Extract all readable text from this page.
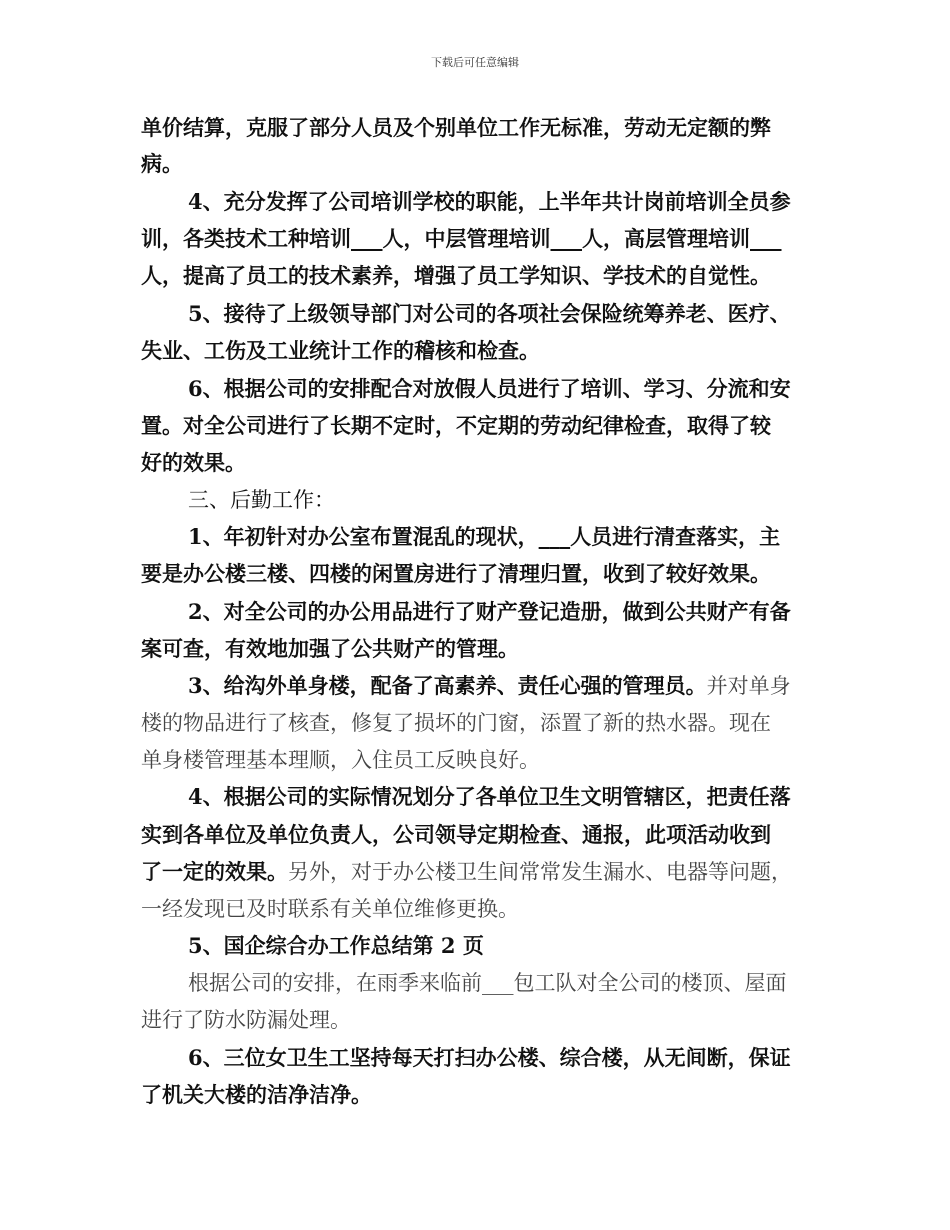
下载后可任意编辑
单价结算，克服了部分人员及个别单位工作无标准，劳动无定额的弊
病。
4、充分发挥了公司培训学校的职能，上半年共计岗前培训全员参
训，各类技术工种培训___人，中层管理培训___人，高层管理培训___
人，提高了员工的技术素养，增强了员工学知识、学技术的自觉性。
5、接待了上级领导部门对公司的各项社会保险统筹养老、医疗、
失业、工伤及工业统计工作的稽核和检查。
6、根据公司的安排配合对放假人员进行了培训、学习、分流和安
置。对全公司进行了长期不定时，不定期的劳动纪律检查，取得了较
好的效果。
三、后勤工作：
1、年初针对办公室布置混乱的现状，___人员进行清查落实，主
要是办公楼三楼、四楼的闲置房进行了清理归置，收到了较好效果。
2、对全公司的办公用品进行了财产登记造册，做到公共财产有备
案可查，有效地加强了公共财产的管理。
3、给沟外单身楼，配备了高素养、责任心强的管理员。并对单身
楼的物品进行了核查，修复了损坏的门窗，添置了新的热水器。现在
单身楼管理基本理顺，入住员工反映良好。
4、根据公司的实际情况划分了各单位卫生文明管辖区，把责任落
实到各单位及单位负责人，公司领导定期检查、通报，此项活动收到
了一定的效果。另外，对于办公楼卫生间常常发生漏水、电器等问题，
一经发现已及时联系有关单位维修更换。
5、国企综合办工作总结第 2 页
根据公司的安排，在雨季来临前___包工队对全公司的楼顶、屋面
进行了防水防漏处理。
6、三位女卫生工坚持每天打扫办公楼、综合楼，从无间断，保证
了机关大楼的洁净洁净。
